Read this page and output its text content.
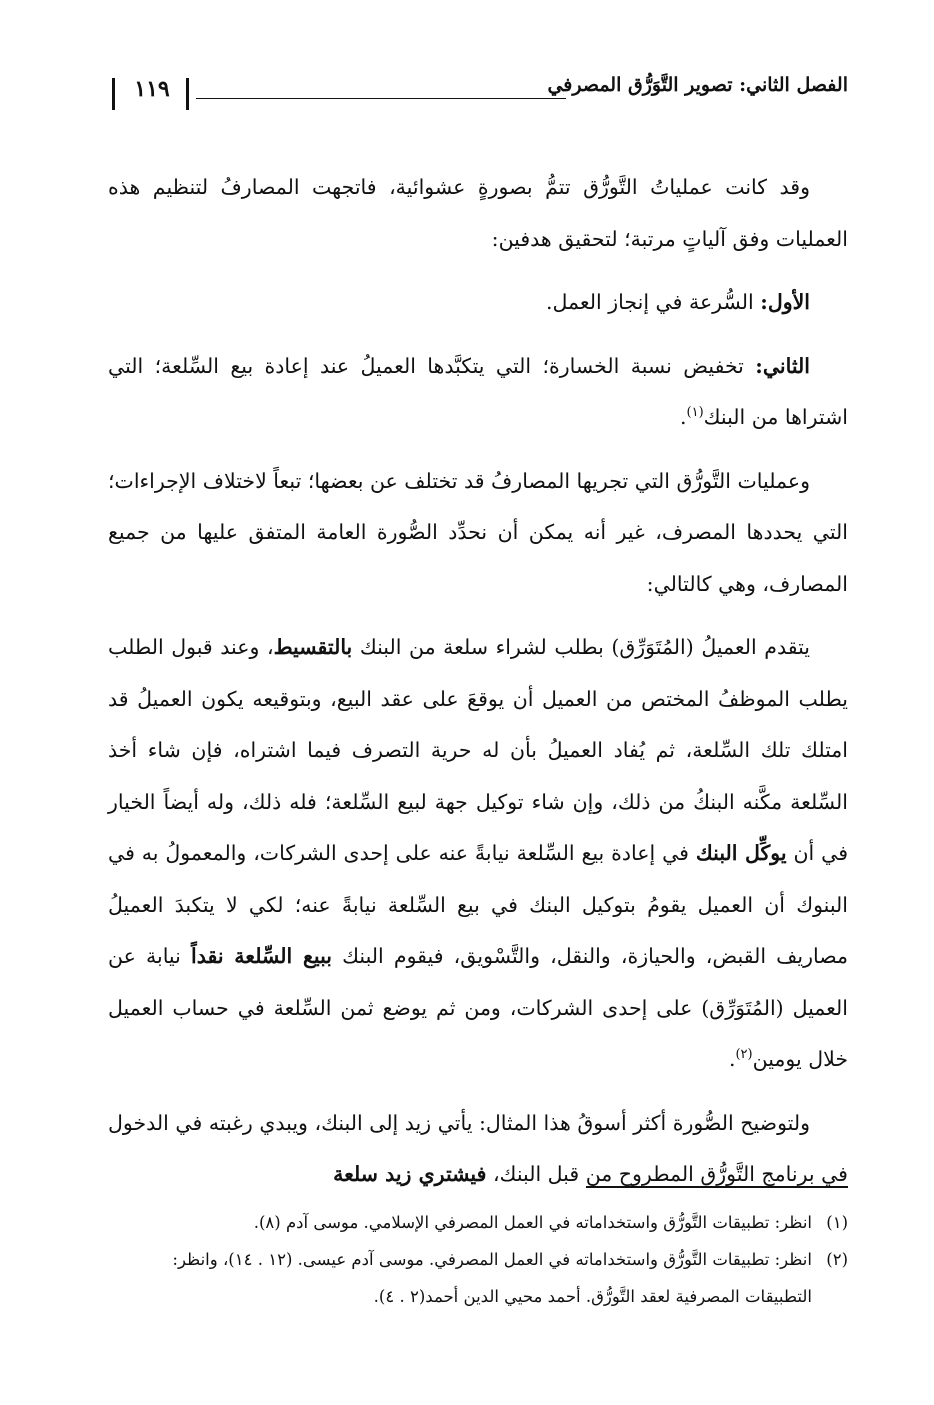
الفصل الثاني: تصوير التَّوَرُّق المصرفي
١١٩

وقد كانت عملياتُ التَّورُّق تتمُّ بصورةٍ عشوائية، فاتجهت المصارفُ لتنظيم هذه العمليات وفق آلياتٍ مرتبة؛ لتحقيق هدفين:

الأول: السُّرعة في إنجاز العمل.

الثاني: تخفيض نسبة الخسارة؛ التي يتكبَّدها العميلُ عند إعادة بيع السِّلعة؛ التي اشتراها من البنك$^{(١)}$.

وعمليات التَّورُّق التي تجريها المصارفُ قد تختلف عن بعضها؛ تبعاً لاختلاف الإجراءات؛ التي يحددها المصرف، غير أنه يمكن أن نحدِّد الصُّورة العامة المتفق عليها من جميع المصارف، وهي كالتالي:

يتقدم العميلُ (المُتَوَرِّق) بطلب لشراء سلعة من البنك بالتقسيط، وعند قبول الطلب يطلب الموظفُ المختص من العميل أن يوقعَ على عقد البيع، وبتوقيعه يكون العميلُ قد امتلك تلك السِّلعة، ثم يُفاد العميلُ بأن له حرية التصرف فيما اشتراه، فإن شاء أخذ السِّلعة مكَّنه البنكُ من ذلك، وإن شاء توكيل جهة لبيع السِّلعة؛ فله ذلك، وله أيضاً الخيار في أن يوكِّل البنك في إعادة بيع السِّلعة نيابةً عنه على إحدى الشركات، والمعمولُ به في البنوك أن العميل يقومُ بتوكيل البنك في بيع السِّلعة نيابةً عنه؛ لكي لا يتكبدَ العميلُ مصاريف القبض، والحيازة، والنقل، والتَّسْويق، فيقوم البنك ببيع السِّلعة نقداً نيابة عن العميل (المُتَوَرِّق) على إحدى الشركات، ومن ثم يوضع ثمن السِّلعة في حساب العميل خلال يومين$^{(٢)}$.

ولتوضيح الصُّورة أكثر أسوقُ هذا المثال: يأتي زيد إلى البنك، ويبدي رغبته في الدخول في برنامج التَّورُّق المطروح من قبل البنك، فيشتري زيد سلعة

(١)انظر: تطبيقات التَّورُّق واستخداماته في العمل المصرفي الإسلامي. موسى آدم (٨).

(٢)انظر: تطبيقات التَّورُّق واستخداماته في العمل المصرفي. موسى آدم عيسى. (١٢ . ١٤)، وانظر: التطبيقات المصرفية لعقد التَّورُّق. أحمد محيي الدين أحمد(٢ . ٤).
